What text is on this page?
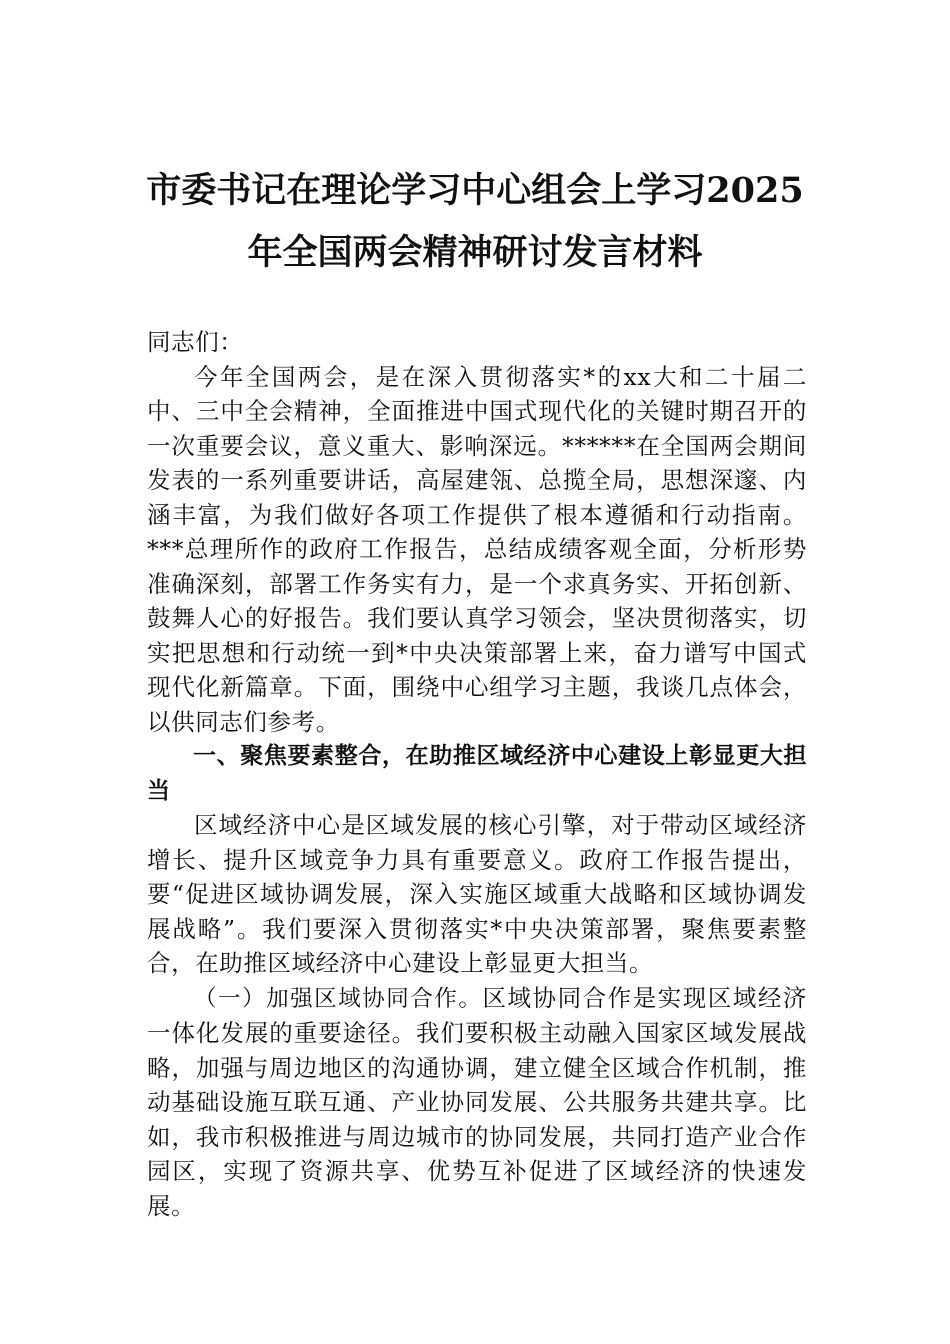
市委书记在理论学习中心组会上学习2025
年全国两会精神研讨发言材料

同志们：

今年全国两会，是在深入贯彻落实*的xx大和二十届二中、三中全会精神，全面推进中国式现代化的关键时期召开的一次重要会议，意义重大、影响深远。******在全国两会期间发表的一系列重要讲话，高屋建瓴、总揽全局，思想深邃、内涵丰富，为我们做好各项工作提供了根本遵循和行动指南。***总理所作的政府工作报告，总结成绩客观全面，分析形势准确深刻，部署工作务实有力，是一个求真务实、开拓创新、鼓舞人心的好报告。我们要认真学习领会，坚决贯彻落实，切实把思想和行动统一到*中央决策部署上来，奋力谱写中国式现代化新篇章。下面，围绕中心组学习主题，我谈几点体会，以供同志们参考。

一、聚焦要素整合，在助推区域经济中心建设上彰显更大担当

区域经济中心是区域发展的核心引擎，对于带动区域经济增长、提升区域竞争力具有重要意义。政府工作报告提出，要“促进区域协调发展，深入实施区域重大战略和区域协调发展战略”。我们要深入贯彻落实*中央决策部署，聚焦要素整合，在助推区域经济中心建设上彰显更大担当。

（一）加强区域协同合作。区域协同合作是实现区域经济一体化发展的重要途径。我们要积极主动融入国家区域发展战略，加强与周边地区的沟通协调，建立健全区域合作机制，推动基础设施互联互通、产业协同发展、公共服务共建共享。比如，我市积极推进与周边城市的协同发展，共同打造产业合作园区，实现了资源共享、优势互补促进了区域经济的快速发展。
